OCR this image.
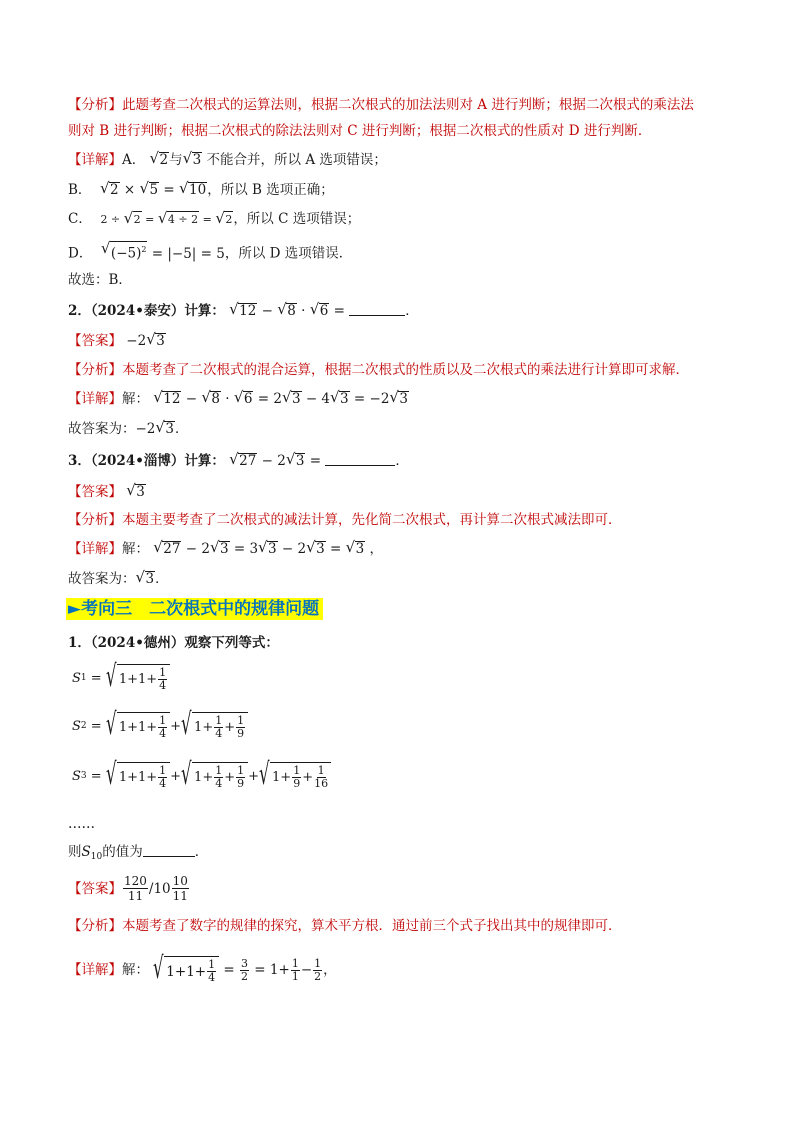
【分析】此题考查二次根式的运算法则，根据二次根式的加法法则对 A 进行判断；根据二次根式的乘法法
则对 B 进行判断；根据二次根式的除法法则对 C 进行判断；根据二次根式的性质对 D 进行判断．
【详解】A． √ 2与 √ 3 不能合并，所以 A 选项错误；
B． √ 2 × √ 5 = √ 10，所以 B 选项正确；
C． 2 ÷ √ 2 = √ 4 ÷ 2 = √ 2，所以 C 选项错误；
D． √ $(-5)^2 = |-5| = 5$，所以 D 选项错误．
故选：B．
2．（2024•泰安）计算： √ 12 − √ 8 · √ 6 =	．
【答案】 −2 √ 3
【分析】本题考查了二次根式的混合运算，根据二次根式的性质以及二次根式的乘法进行计算即可求解．
【详解】解： √ 12 − √ 8 · √ 6 = 2 √ 3 − 4 √ 3 = −2 √ 3
故答案为：−2 √ 3．
3．（2024•淄博）计算： √ 27 − 2 √ 3 =	．
【答案】 √ 3
【分析】本题主要考查了二次根式的减法计算，先化简二次根式，再计算二次根式减法即可．
【详解】解： √ 27 − 2 √ 3 = 3 √ 3 − 2 √ 3 = √ 3 ，
故答案为： √ 3．
►考向三　二次根式中的规律问题
1．（2024•德州）观察下列等式：
S 1 = √ $1+1+ \frac{1}{4}$
S 2 = √ $1+1+ \frac{1}{4}$ + √ $1+ \frac{1}{4} + \frac{1}{9}$
S 3 = √ $1+1+ \frac{1}{4}$ + √ $1+ \frac{1}{4} + \frac{1}{9}$ + √ $1+ \frac{1}{9} + \frac{1}{16}$
……
则$S_{10}$的值为	．
【答案】 $\frac{120}{11} /10 \frac{10}{11}$
【分析】本题考查了数字的规律的探究，算术平方根．通过前三个式子找出其中的规律即可．
【详解】 解：
√ $1+1+ \frac{1}{4} = \frac{3}{2} = 1+ \frac{1}{1} - \frac{1}{2}$ ，
